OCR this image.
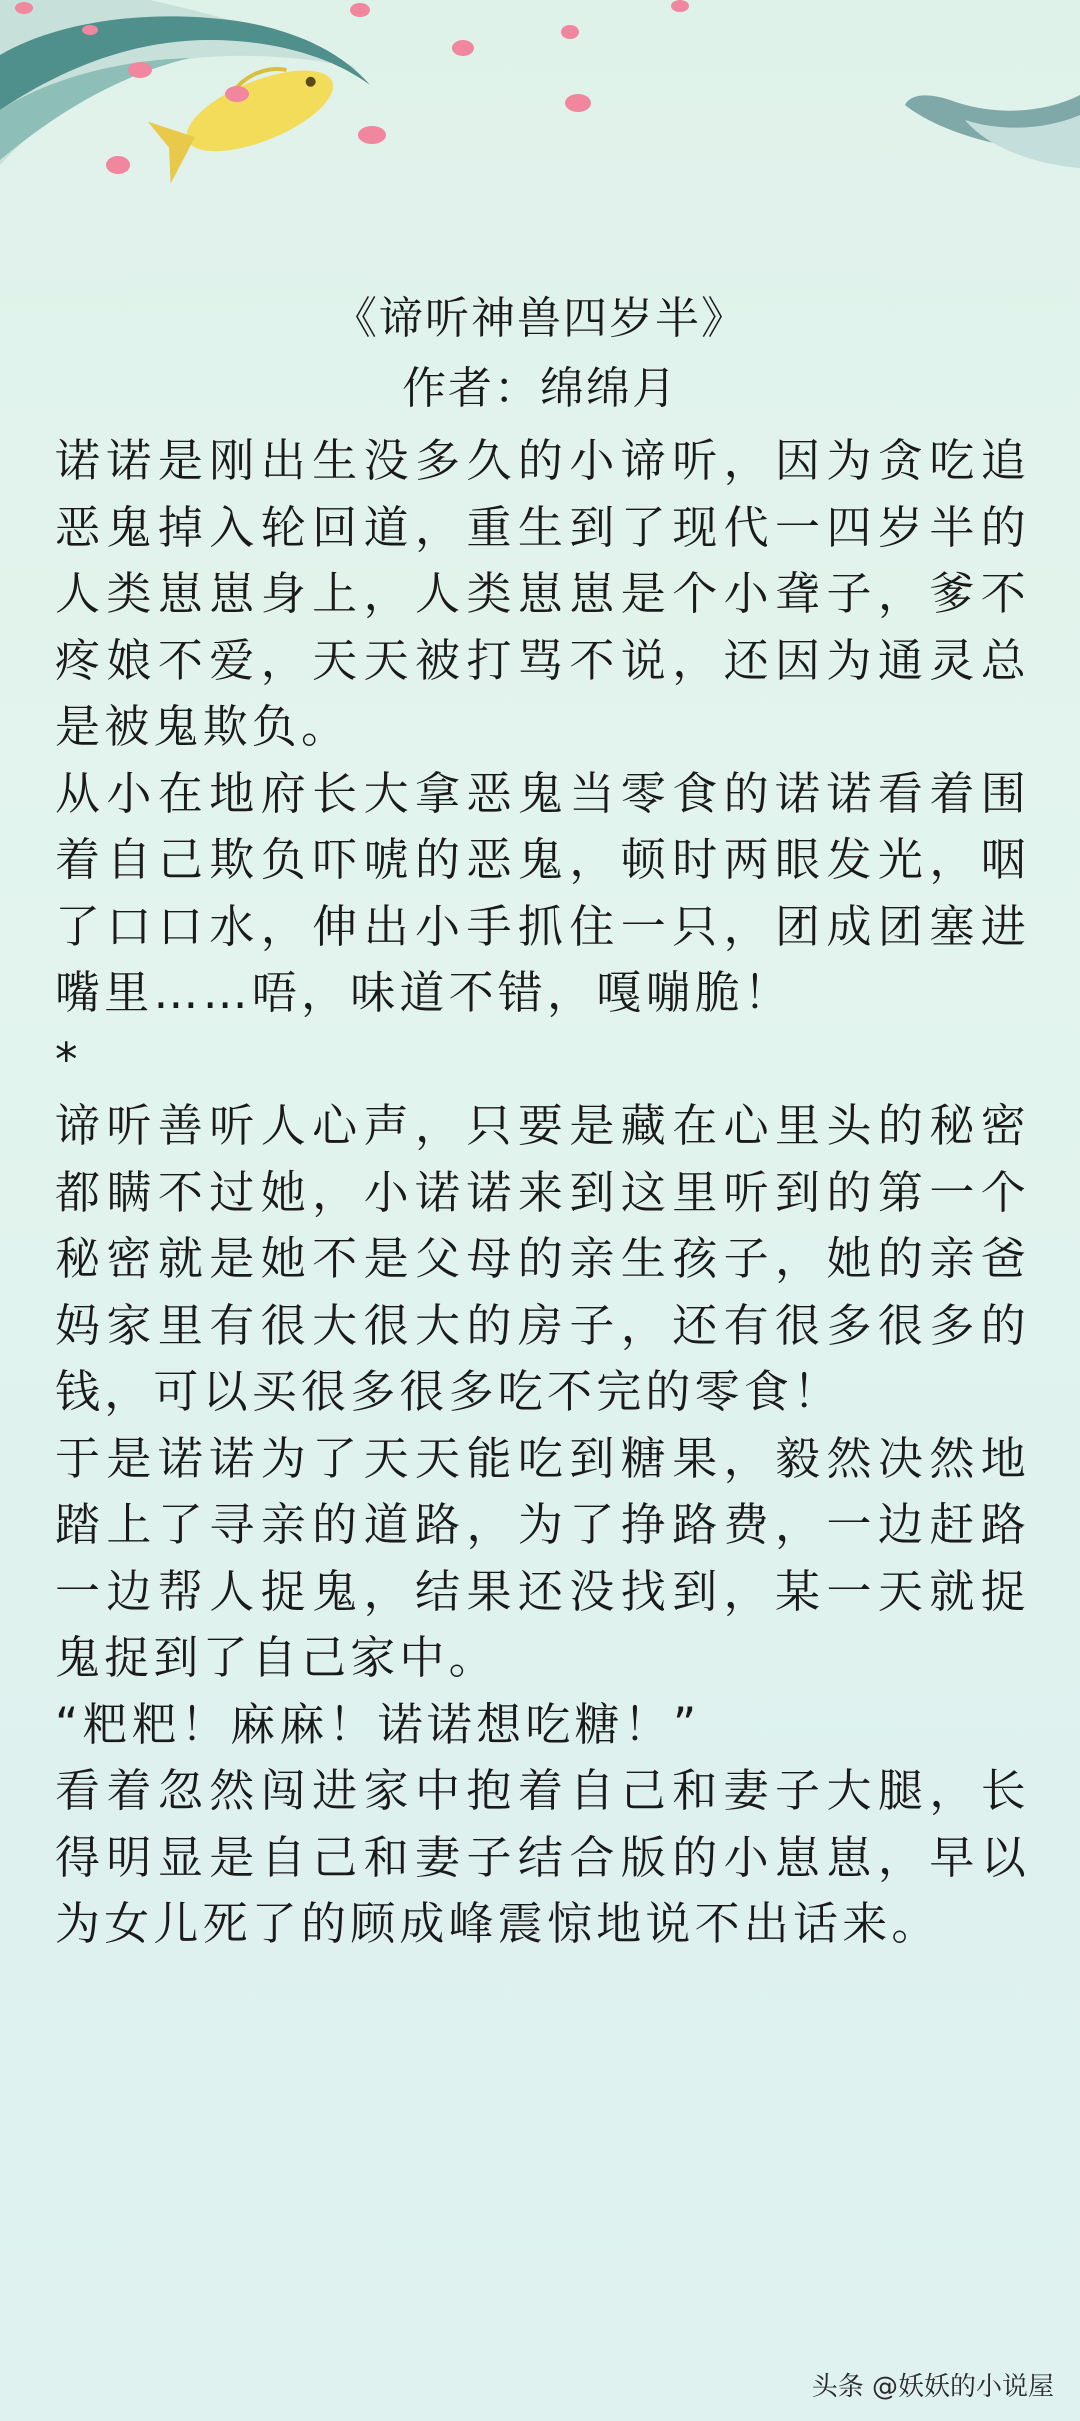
《谛听神兽四岁半》
作者：绵绵月

诺诺是刚出生没多久的小谛听，因为贪吃追恶鬼掉入轮回道，重生到了现代一四岁半的人类崽崽身上，人类崽崽是个小聋子，爹不疼娘不爱，天天被打骂不说，还因为通灵总是被鬼欺负。

从小在地府长大拿恶鬼当零食的诺诺看着围着自己欺负吓唬的恶鬼，顿时两眼发光，咽了口口水，伸出小手抓住一只，团成团塞进嘴里……唔，味道不错，嘎嘣脆！

*

谛听善听人心声，只要是藏在心里头的秘密都瞒不过她，小诺诺来到这里听到的第一个秘密就是她不是父母的亲生孩子，她的亲爸妈家里有很大很大的房子，还有很多很多的钱，可以买很多很多吃不完的零食！

于是诺诺为了天天能吃到糖果，毅然决然地踏上了寻亲的道路，为了挣路费，一边赶路一边帮人捉鬼，结果还没找到，某一天就捉鬼捉到了自己家中。

“粑粑！麻麻！诺诺想吃糖！”

看着忽然闯进家中抱着自己和妻子大腿，长得明显是自己和妻子结合版的小崽崽，早以为女儿死了的顾成峰震惊地说不出话来。

头条 @妖妖的小说屋
